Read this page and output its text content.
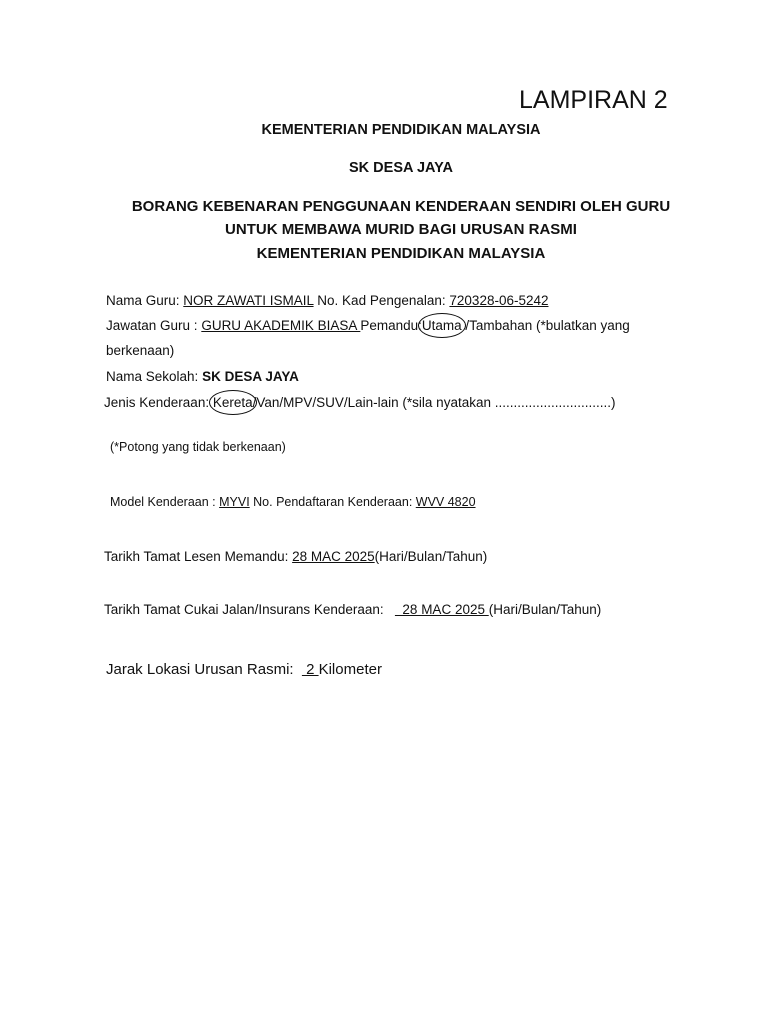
LAMPIRAN 2
KEMENTERIAN PENDIDIKAN MALAYSIA
SK DESA JAYA
BORANG KEBENARAN PENGGUNAAN KENDERAAN SENDIRI OLEH GURU
UNTUK MEMBAWA MURID BAGI URUSAN RASMI
KEMENTERIAN PENDIDIKAN MALAYSIA
Nama Guru: NOR ZAWATI ISMAIL No. Kad Pengenalan: 720328-06-5242
Jawatan Guru : GURU AKADEMIK BIASA Pemandu:Utama /Tambahan (*bulatkan yang
berkenaan)
Nama Sekolah: SK DESA JAYA
Jenis Kenderaan: Kereta/Van/MPV/SUV/Lain-lain (*sila nyatakan ...............................)
(*Potong yang tidak berkenaan)
Model Kenderaan : MYVI No. Pendaftaran Kenderaan: WVV 4820
Tarikh Tamat Lesen Memandu: 28 MAC 2025(Hari/Bulan/Tahun)
Tarikh Tamat Cukai Jalan/Insurans Kenderaan:     28 MAC 2025 (Hari/Bulan/Tahun)
Jarak Lokasi Urusan Rasmi:   2 Kilometer
